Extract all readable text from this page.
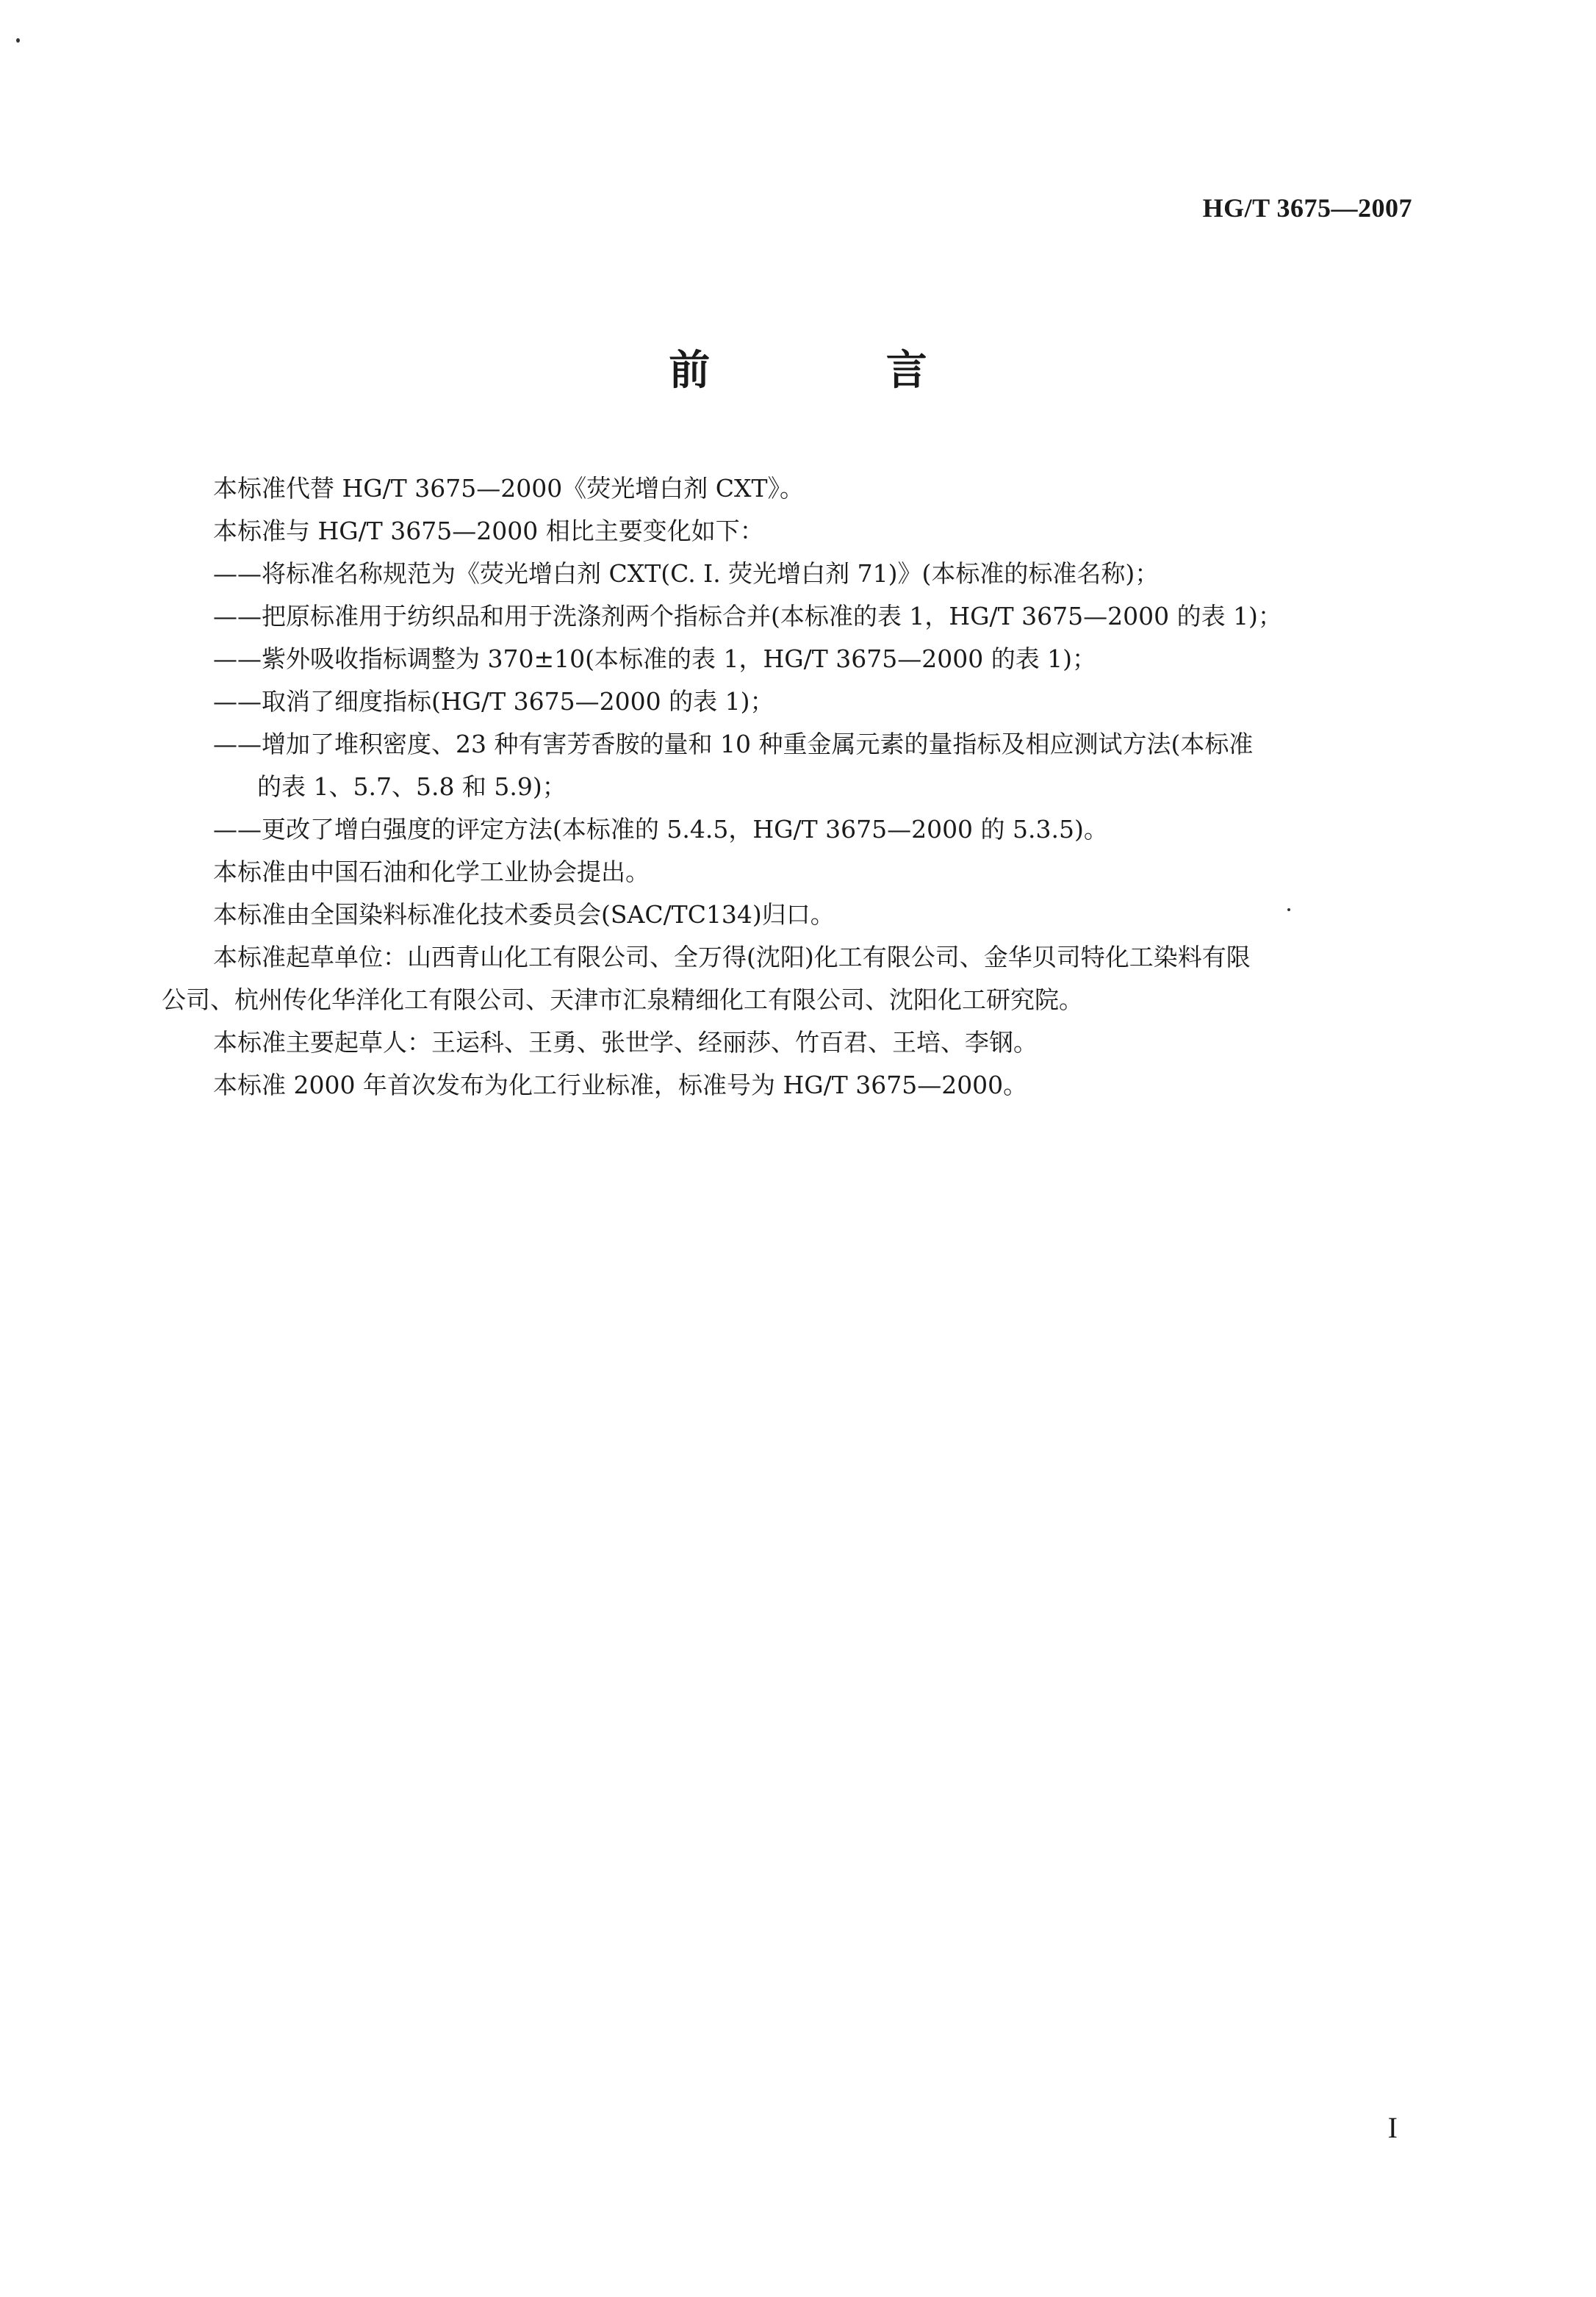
HG/T 3675—2007
前 言

本标准代替 HG/T 3675—2000《荧光增白剂 CXT》。

本标准与 HG/T 3675—2000 相比主要变化如下：

——将标准名称规范为《荧光增白剂 CXT(C. I. 荧光增白剂 71)》(本标准的标准名称)；

——把原标准用于纺织品和用于洗涤剂两个指标合并(本标准的表 1，HG/T 3675—2000 的表 1)；

——紫外吸收指标调整为 370±10(本标准的表 1，HG/T 3675—2000 的表 1)；

——取消了细度指标(HG/T 3675—2000 的表 1)；

——增加了堆积密度、23 种有害芳香胺的量和 10 种重金属元素的量指标及相应测试方法(本标准

的表 1、5.7、5.8 和 5.9)；

——更改了增白强度的评定方法(本标准的 5.4.5，HG/T 3675—2000 的 5.3.5)。

本标准由中国石油和化学工业协会提出。

本标准由全国染料标准化技术委员会(SAC/TC134)归口。

本标准起草单位：山西青山化工有限公司、全万得(沈阳)化工有限公司、金华贝司特化工染料有限

公司、杭州传化华洋化工有限公司、天津市汇泉精细化工有限公司、沈阳化工研究院。

本标准主要起草人：王运科、王勇、张世学、经丽莎、竹百君、王培、李钢。

本标准 2000 年首次发布为化工行业标准，标准号为 HG/T 3675—2000。

I
